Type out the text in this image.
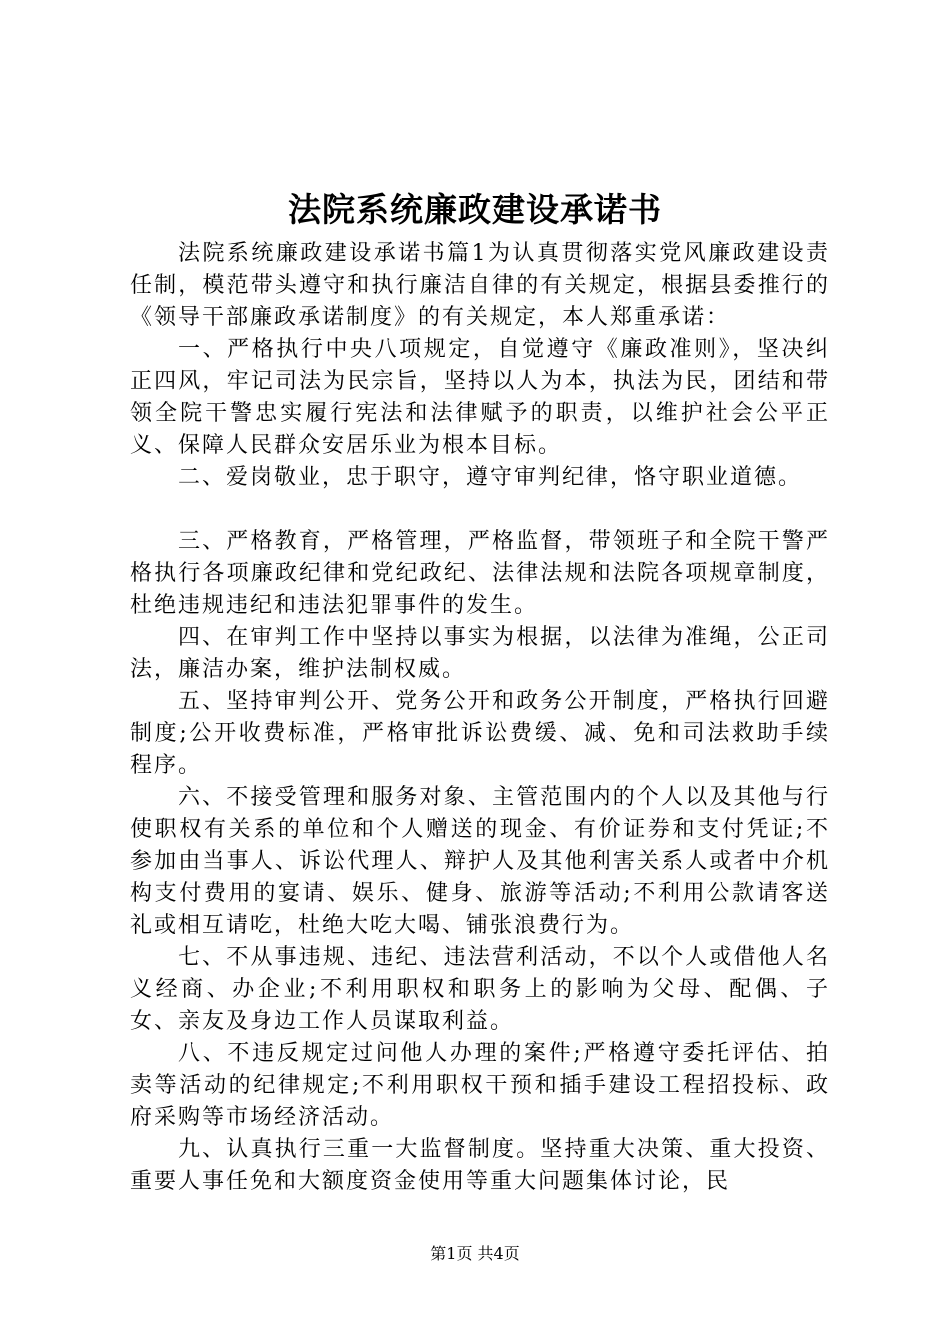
法院系统廉政建设承诺书

法院系统廉政建设承诺书篇1为认真贯彻落实党风廉政建设责任制，模范带头遵守和执行廉洁自律的有关规定，根据县委推行的《领导干部廉政承诺制度》的有关规定，本人郑重承诺：

一、严格执行中央八项规定，自觉遵守《廉政准则》，坚决纠正四风，牢记司法为民宗旨，坚持以人为本，执法为民，团结和带领全院干警忠实履行宪法和法律赋予的职责，以维护社会公平正义、保障人民群众安居乐业为根本目标。

二、爱岗敬业，忠于职守，遵守审判纪律，恪守职业道德。

三、严格教育，严格管理，严格监督，带领班子和全院干警严格执行各项廉政纪律和党纪政纪、法律法规和法院各项规章制度，杜绝违规违纪和违法犯罪事件的发生。

四、在审判工作中坚持以事实为根据，以法律为准绳，公正司法，廉洁办案，维护法制权威。

五、坚持审判公开、党务公开和政务公开制度，严格执行回避制度;公开收费标准，严格审批诉讼费缓、减、免和司法救助手续程序。

六、不接受管理和服务对象、主管范围内的个人以及其他与行使职权有关系的单位和个人赠送的现金、有价证券和支付凭证;不参加由当事人、诉讼代理人、辩护人及其他利害关系人或者中介机构支付费用的宴请、娱乐、健身、旅游等活动;不利用公款请客送礼或相互请吃，杜绝大吃大喝、铺张浪费行为。

七、不从事违规、违纪、违法营利活动，不以个人或借他人名义经商、办企业;不利用职权和职务上的影响为父母、配偶、子女、亲友及身边工作人员谋取利益。

八、不违反规定过问他人办理的案件;严格遵守委托评估、拍卖等活动的纪律规定;不利用职权干预和插手建设工程招投标、政府采购等市场经济活动。

九、认真执行三重一大监督制度。坚持重大决策、重大投资、重要人事任免和大额度资金使用等重大问题集体讨论，民

第1页 共4页
